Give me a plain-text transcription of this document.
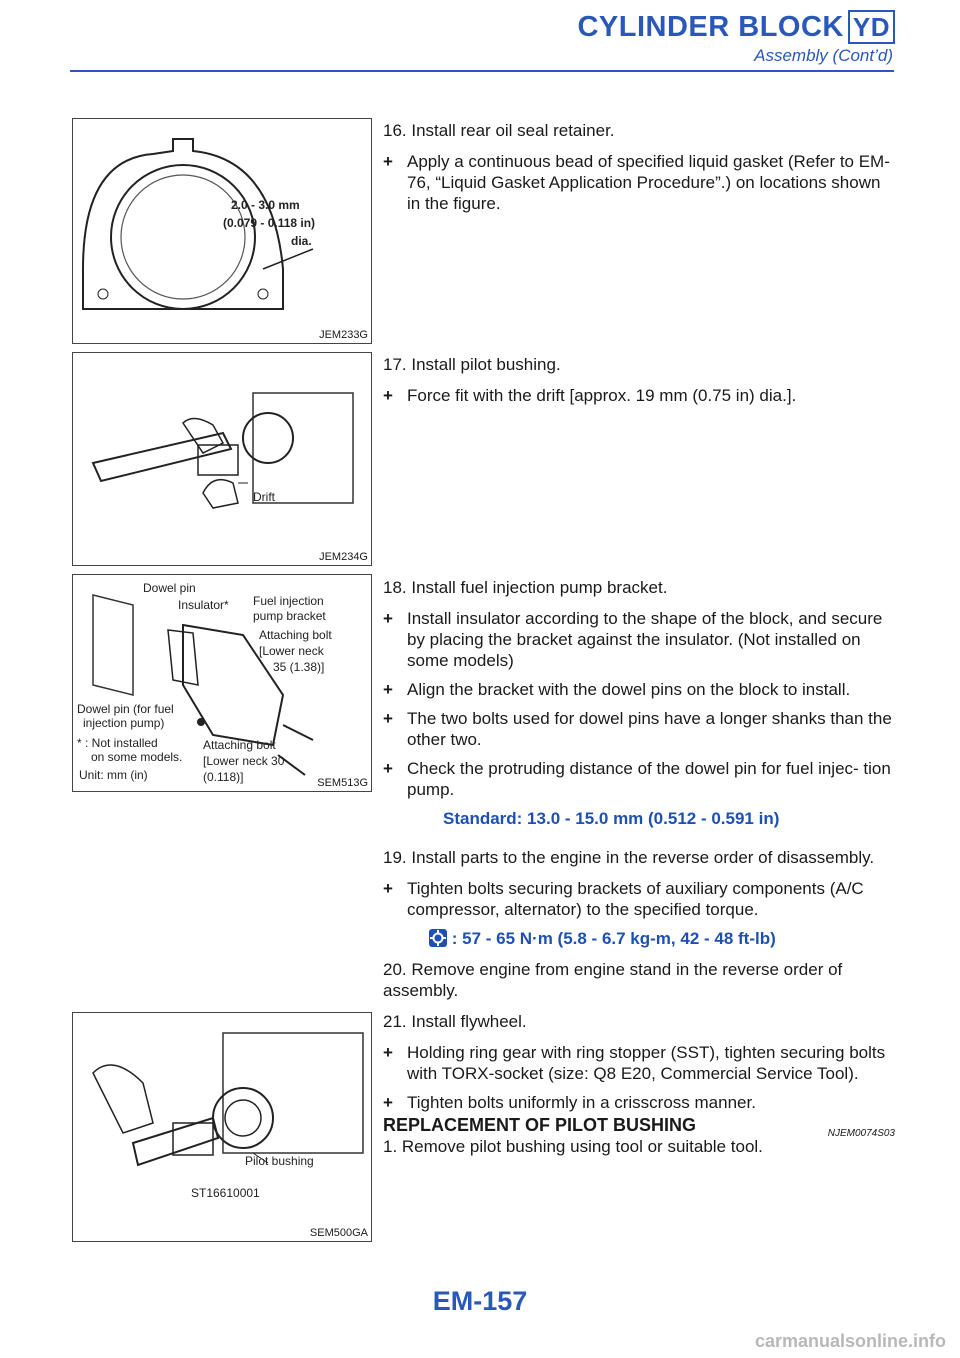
CYLINDER BLOCK YD
Assembly (Cont’d)
2.0 - 3.0 mm
(0.079 - 0.118 in)
dia.
JEM233G
Drift
JEM234G
Dowel pin
Insulator* Fuel injection
pump bracket
Attaching bolt
[Lower neck
35 (1.38)]
Dowel pin (for fuel
injection pump)
* : Not installed
on some models.
Unit: mm (in)
Attaching bolt
[Lower neck 30
(0.118)]	SEM513G
Pilot bushing
ST16610001
SEM500GA

16. Install rear oil seal retainer.

+ Apply a continuous bead of specified liquid gasket (Refer to EM-76, “Liquid Gasket Application Procedure”.) on locations shown in the figure.

17. Install pilot bushing.

+ Force fit with the drift [approx. 19 mm (0.75 in) dia.].

18. Install fuel injection pump bracket.

+ Install insulator according to the shape of the block, and secure by placing the bracket against the insulator. (Not installed on some models)
+ Align the bracket with the dowel pins on the block to install.
+ The two bolts used for dowel pins have a longer shanks than the other two.
+ Check the protruding distance of the dowel pin for fuel injec- tion pump.

Standard: 13.0 - 15.0 mm (0.512 - 0.591 in)

19. Install parts to the engine in the reverse order of disassembly.

+ Tighten bolts securing brackets of auxiliary components (A/C compressor, alternator) to the specified torque.

: 57 - 65 N·m (5.8 - 6.7 kg-m, 42 - 48 ft-lb)

20. Remove engine from engine stand in the reverse order of assembly.

21. Install flywheel.

+ Holding ring gear with ring stopper (SST), tighten securing bolts with TORX-socket (size: Q8 E20, Commercial Service Tool).
+ Tighten bolts uniformly in a crisscross manner.
REPLACEMENT OF PILOT BUSHING	NJEM0074S03

1. Remove pilot bushing using tool or suitable tool.

EM-157
carmanualsonline.info
